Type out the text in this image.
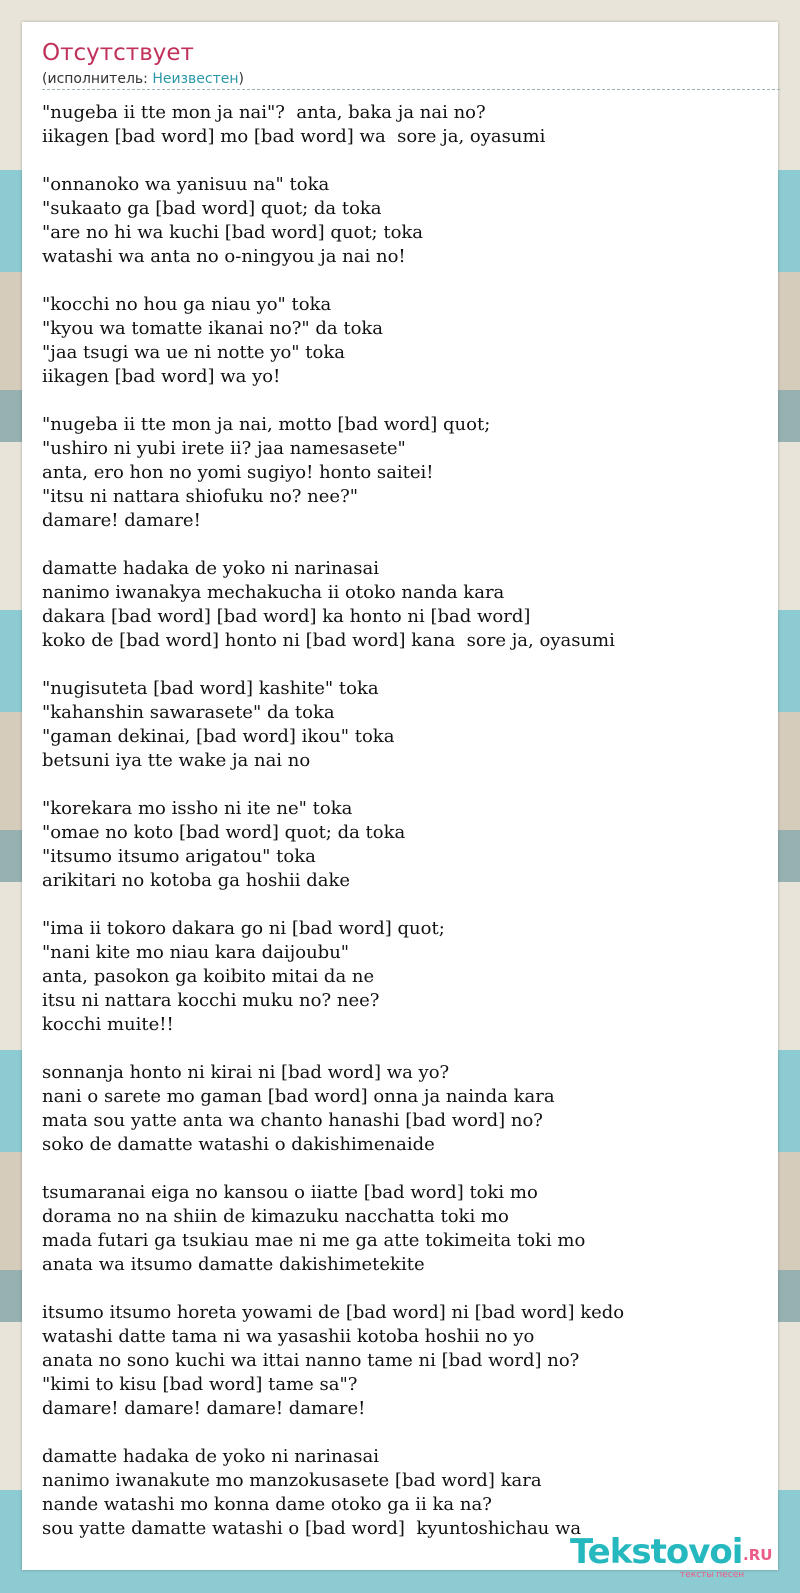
Отсутствует
(исполнитель: Неизвестен)
"nugeba ii tte mon ja nai"?  anta, baka ja nai no?
iikagen [bad word] mo [bad word] wa  sore ja, oyasumi
"onnanoko wa yanisuu na" toka
"sukaato ga [bad word] quot; da toka
"are no hi wa kuchi [bad word] quot; toka
watashi wa anta no o-ningyou ja nai no!
"kocchi no hou ga niau yo" toka
"kyou wa tomatte ikanai no?" da toka
"jaa tsugi wa ue ni notte yo" toka
iikagen [bad word] wa yo!
"nugeba ii tte mon ja nai, motto [bad word] quot;
"ushiro ni yubi irete ii? jaa namesasete"
anta, ero hon no yomi sugiyo! honto saitei!
"itsu ni nattara shiofuku no? nee?"
damare! damare!
damatte hadaka de yoko ni narinasai
nanimo iwanakya mechakucha ii otoko nanda kara
dakara [bad word] [bad word] ka honto ni [bad word]
koko de [bad word] honto ni [bad word] kana  sore ja, oyasumi
"nugisuteta [bad word] kashite" toka
"kahanshin sawarasete" da toka
"gaman dekinai, [bad word] ikou" toka
betsuni iya tte wake ja nai no
"korekara mo issho ni ite ne" toka
"omae no koto [bad word] quot; da toka
"itsumo itsumo arigatou" toka
arikitari no kotoba ga hoshii dake
"ima ii tokoro dakara go ni [bad word] quot;
"nani kite mo niau kara daijoubu"
anta, pasokon ga koibito mitai da ne
itsu ni nattara kocchi muku no? nee?
kocchi muite!!
sonnanja honto ni kirai ni [bad word] wa yo?
nani o sarete mo gaman [bad word] onna ja nainda kara
mata sou yatte anta wa chanto hanashi [bad word] no?
soko de damatte watashi o dakishimenaide
tsumaranai eiga no kansou o iiatte [bad word] toki mo
dorama no na shiin de kimazuku nacchatta toki mo
mada futari ga tsukiau mae ni me ga atte tokimeita toki mo
anata wa itsumo damatte dakishimetekite
itsumo itsumo horeta yowami de [bad word] ni [bad word] kedo
watashi datte tama ni wa yasashii kotoba hoshii no yo
anata no sono kuchi wa ittai nanno tame ni [bad word] no?
"kimi to kisu [bad word] tame sa"?
damare! damare! damare! damare!
damatte hadaka de yoko ni narinasai
nanimo iwanakute mo manzokusasete [bad word] kara
nande watashi mo konna dame otoko ga ii ka na?
sou yatte damatte watashi o [bad word]  kyuntoshichau wa
Tekstovoi .RU
тексты песен
